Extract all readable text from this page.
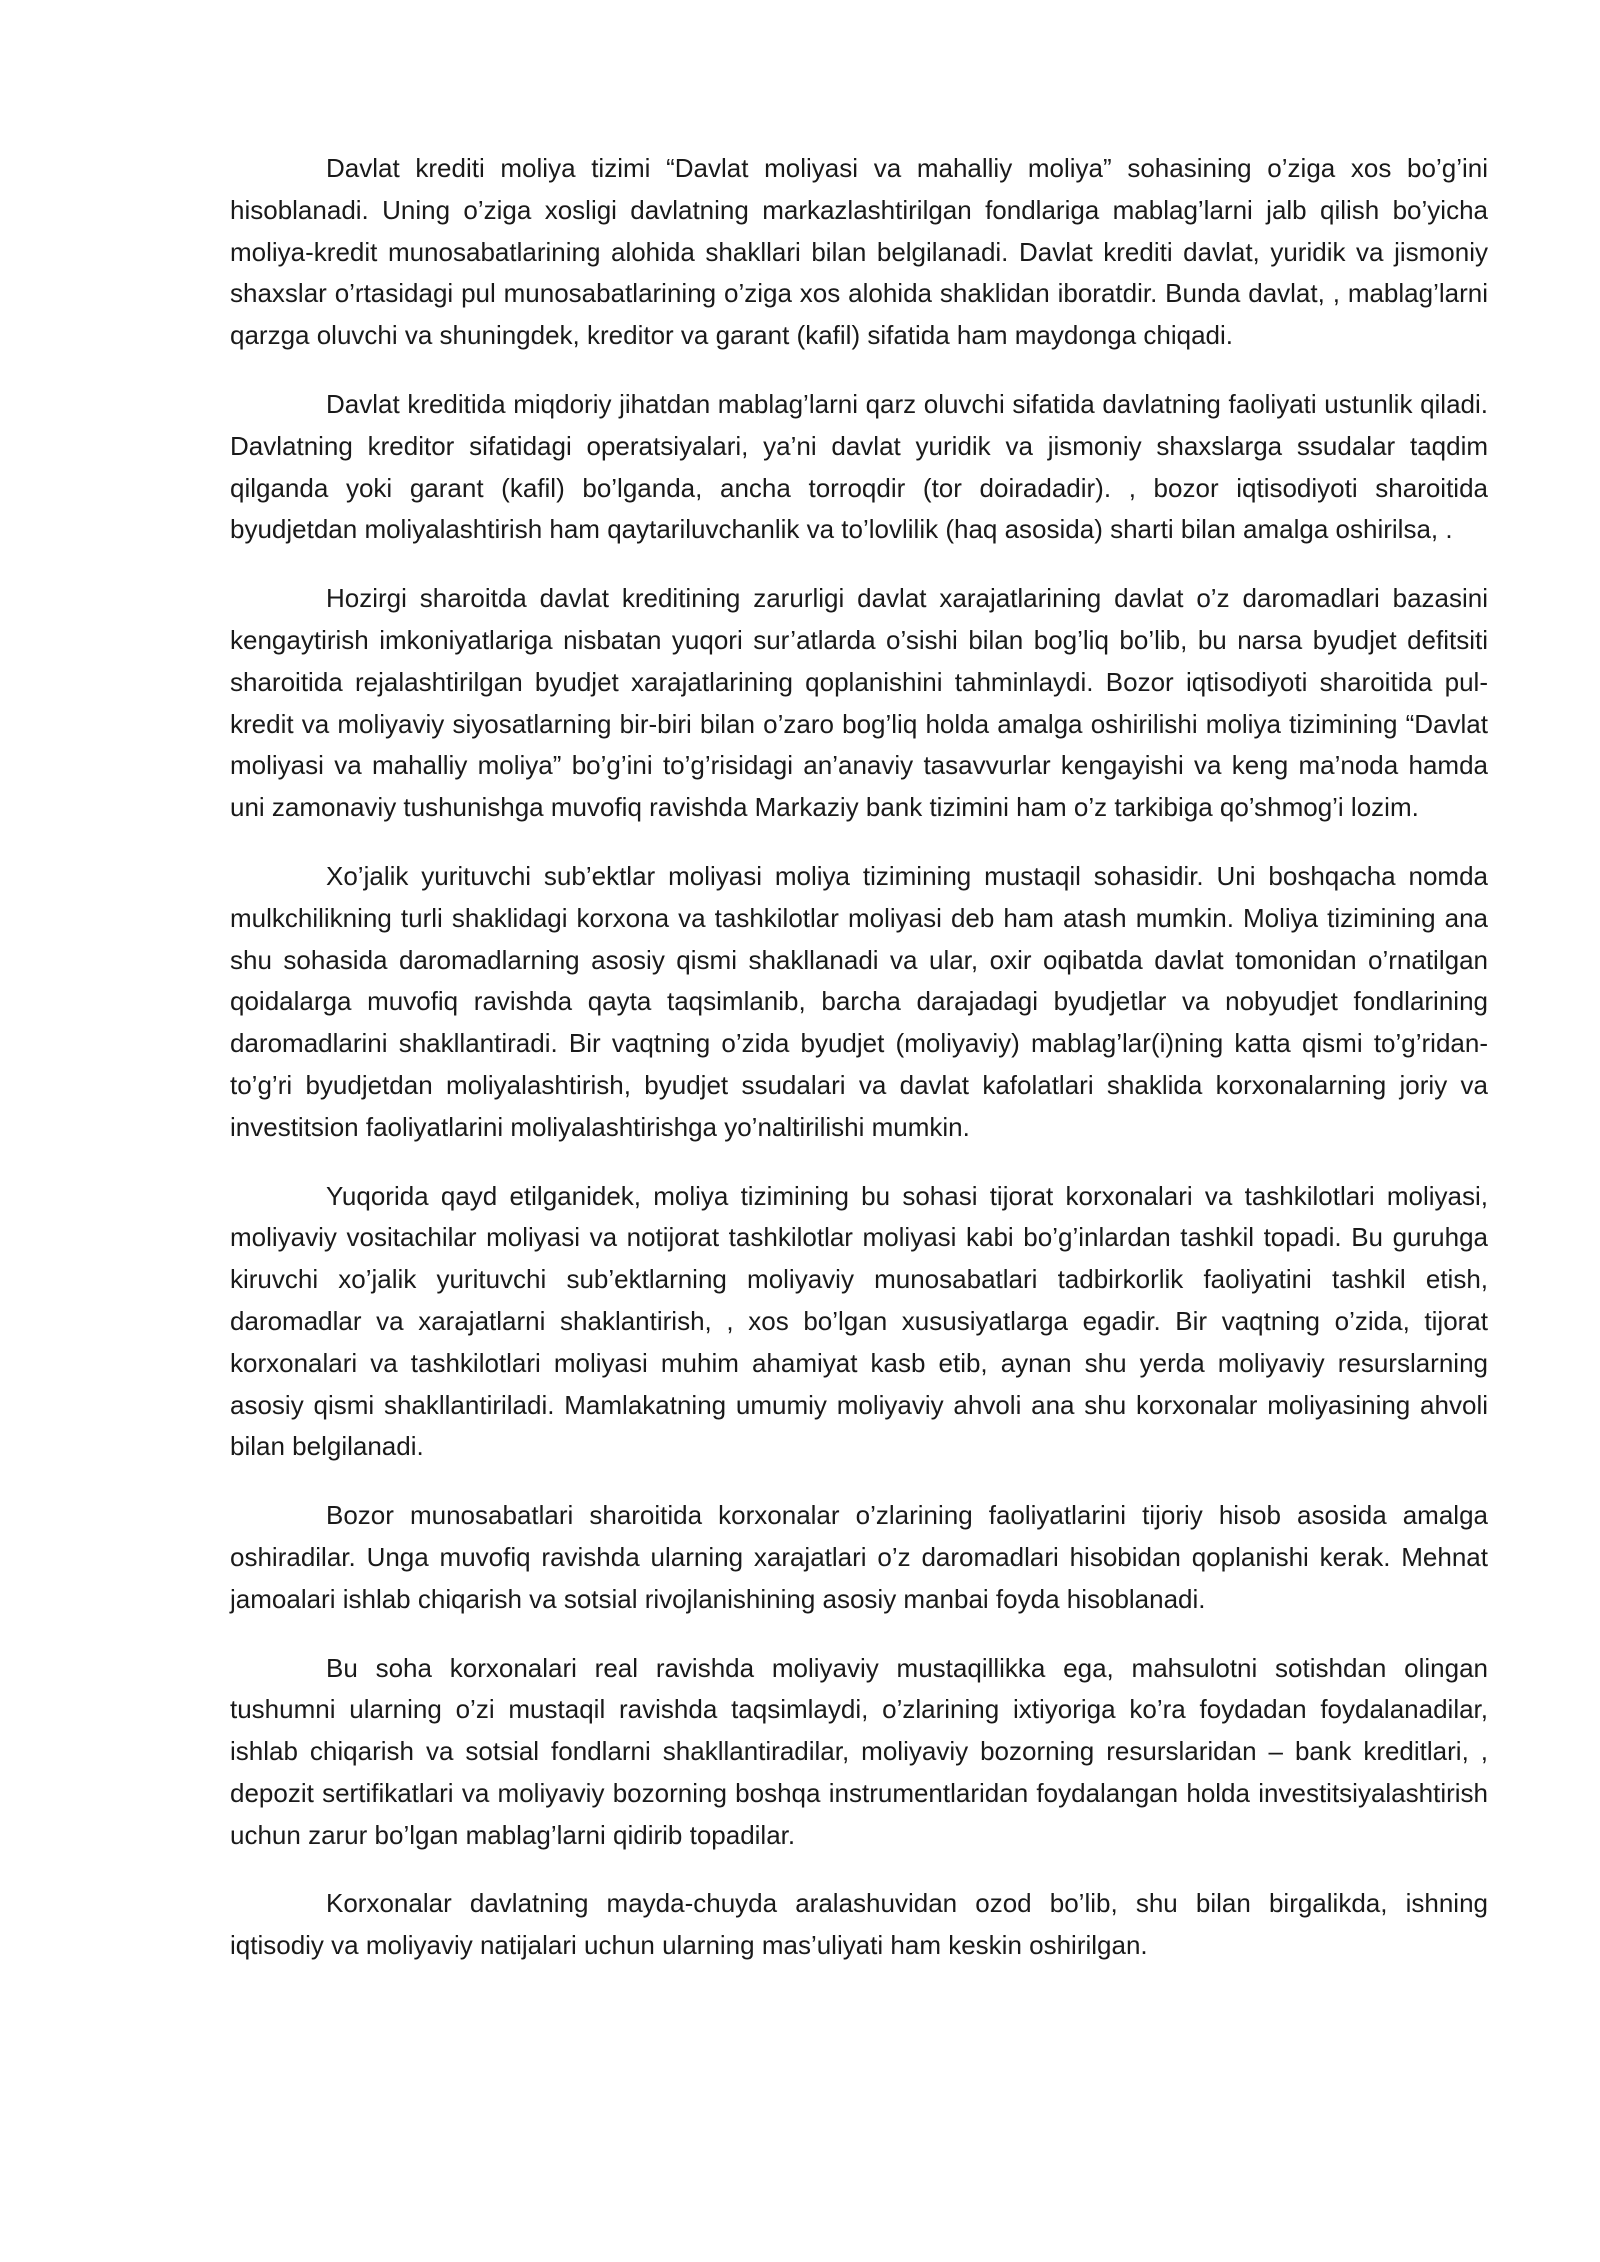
Davlat krediti moliya tizimi “Davlat moliyasi va mahalliy moliya” sohasining o’ziga xos bo’g’ini hisoblanadi. Uning o’ziga xosligi davlatning markazlashtirilgan fondlariga mablag’larni jalb qilish bo’yicha moliya-kredit munosabatlarining alohida shakllari bilan belgilanadi. Davlat krediti davlat, yuridik va jismoniy shaxslar o’rtasidagi pul munosabatlarining o’ziga xos alohida shaklidan iboratdir. Bunda davlat, , mablag’larni qarzga oluvchi va shuningdek, kreditor va garant (kafil) sifatida ham maydonga chiqadi.

Davlat kreditida miqdoriy jihatdan mablag’larni qarz oluvchi sifatida davlatning faoliyati ustunlik qiladi. Davlatning kreditor sifatidagi operatsiyalari, ya’ni davlat yuridik va jismoniy shaxslarga ssudalar taqdim qilganda yoki garant (kafil) bo’lganda, ancha torroqdir (tor doiradadir). , bozor iqtisodiyoti sharoitida byudjetdan moliyalashtirish ham qaytariluvchanlik va to’lovlilik (haq asosida) sharti bilan amalga oshirilsa, .

Hozirgi sharoitda davlat kreditining zarurligi davlat xarajatlarining davlat o’z daromadlari bazasini kengaytirish imkoniyatlariga nisbatan yuqori sur’atlarda o’sishi bilan bog’liq bo’lib, bu narsa byudjet defitsiti sharoitida rejalashtirilgan byudjet xarajatlarining qoplanishini tahminlaydi. Bozor iqtisodiyoti sharoitida pul-kredit va moliyaviy siyosatlarning bir-biri bilan o’zaro bog’liq holda amalga oshirilishi moliya tizimining “Davlat moliyasi va mahalliy moliya” bo’g’ini to’g’risidagi an’anaviy tasavvurlar kengayishi va keng ma’noda hamda uni zamonaviy tushunishga muvofiq ravishda Markaziy bank tizimini ham o’z tarkibiga qo’shmog’i lozim.

Xo’jalik yurituvchi sub’ektlar moliyasi moliya tizimining mustaqil sohasidir. Uni boshqacha nomda mulkchilikning turli shaklidagi korxona va tashkilotlar moliyasi deb ham atash mumkin. Moliya tizimining ana shu sohasida daromadlarning asosiy qismi shakllanadi va ular, oxir oqibatda davlat tomonidan o’rnatilgan qoidalarga muvofiq ravishda qayta taqsimlanib, barcha darajadagi byudjetlar va nobyudjet fondlarining daromadlarini shakllantiradi. Bir vaqtning o’zida byudjet (moliyaviy) mablag’lar(i)ning katta qismi to’g’ridan-to’g’ri byudjetdan moliyalashtirish, byudjet ssudalari va davlat kafolatlari shaklida korxonalarning joriy va investitsion faoliyatlarini moliyalashtirishga yo’naltirilishi mumkin.

Yuqorida qayd etilganidek, moliya tizimining bu sohasi tijorat korxonalari va tashkilotlari moliyasi, moliyaviy vositachilar moliyasi va notijorat tashkilotlar moliyasi kabi bo’g’inlardan tashkil topadi. Bu guruhga kiruvchi xo’jalik yurituvchi sub’ektlarning moliyaviy munosabatlari tadbirkorlik faoliyatini tashkil etish, daromadlar va xarajatlarni shaklantirish, , xos bo’lgan xususiyatlarga egadir. Bir vaqtning o’zida, tijorat korxonalari va tashkilotlari moliyasi muhim ahamiyat kasb etib, aynan shu yerda moliyaviy resurslarning asosiy qismi shakllantiriladi. Mamlakatning umumiy moliyaviy ahvoli ana shu korxonalar moliyasining ahvoli bilan belgilanadi.

Bozor munosabatlari sharoitida korxonalar o’zlarining faoliyatlarini tijoriy hisob asosida amalga oshiradilar. Unga muvofiq ravishda ularning xarajatlari o’z daromadlari hisobidan qoplanishi kerak. Mehnat jamoalari ishlab chiqarish va sotsial rivojlanishining asosiy manbai foyda hisoblanadi.

Bu soha korxonalari real ravishda moliyaviy mustaqillikka ega, mahsulotni sotishdan olingan tushumni ularning o’zi mustaqil ravishda taqsimlaydi, o’zlarining ixtiyoriga ko’ra foydadan foydalanadilar, ishlab chiqarish va sotsial fondlarni shakllantiradilar, moliyaviy bozorning resurslaridan – bank kreditlari, , depozit sertifikatlari va moliyaviy bozorning boshqa instrumentlaridan foydalangan holda investitsiyalashtirish uchun zarur bo’lgan mablag’larni qidirib topadilar.

Korxonalar davlatning mayda-chuyda aralashuvidan ozod bo’lib, shu bilan birgalikda, ishning iqtisodiy va moliyaviy natijalari uchun ularning mas’uliyati ham keskin oshirilgan.
